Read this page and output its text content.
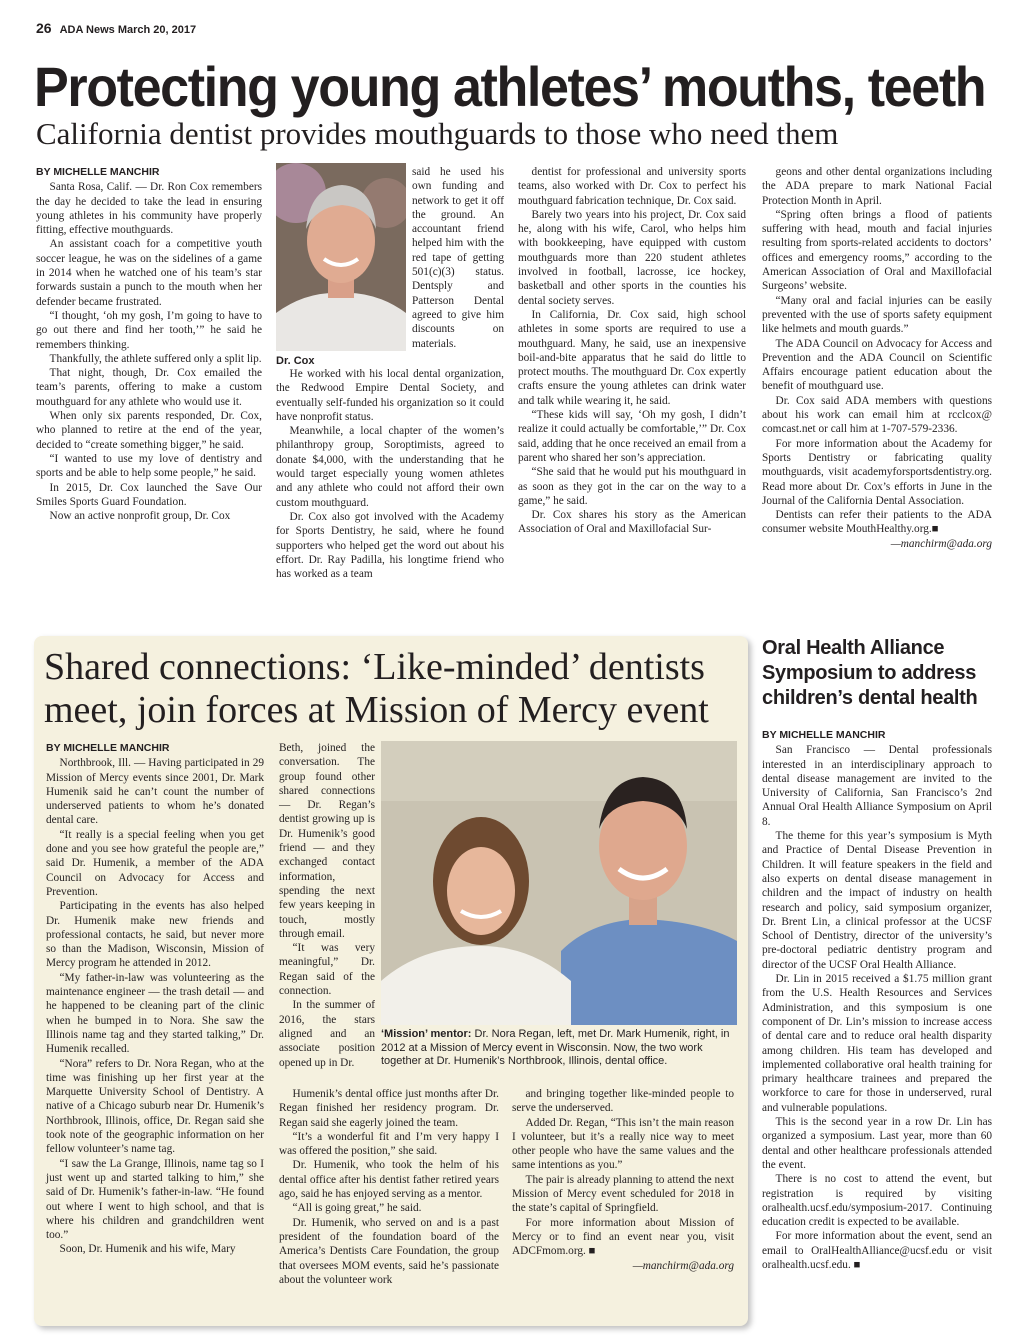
26 ADA News March 20, 2017
Protecting young athletes’ mouths, teeth
California dentist provides mouthguards to those who need them

BY MICHELLE MANCHIR

Santa Rosa, Calif. — Dr. Ron Cox remembers the day he decided to take the lead in ensuring young athletes in his community have properly fitting, effective mouthguards.

An assistant coach for a competitive youth soccer league, he was on the sidelines of a game in 2014 when he watched one of his team’s star forwards sustain a punch to the mouth when her defender became frustrated.

“I thought, ‘oh my gosh, I’m going to have to go out there and find her tooth,’” he said he remembers thinking.

Thankfully, the athlete suffered only a split lip.

That night, though, Dr. Cox emailed the team’s parents, offering to make a custom mouthguard for any athlete who would use it.

When only six parents responded, Dr. Cox, who planned to retire at the end of the year, decided to “create something bigger,” he said.

“I wanted to use my love of dentistry and sports and be able to help some people,” he said.

In 2015, Dr. Cox launched the Save Our Smiles Sports Guard Foundation.

Now an active nonprofit group, Dr. Cox

Dr. Cox

said he used his own funding and network to get it off the ground. An accountant friend helped him with the red tape of getting 501(c)(3) status. Dentsply and Patterson Dental agreed to give him discounts on materials.

He worked with his local dental organization, the Redwood Empire Dental Society, and eventually self-funded his organization so it could have nonprofit status.

Meanwhile, a local chapter of the women’s philanthropy group, Soroptimists, agreed to donate $4,000, with the understanding that he would target especially young women athletes and any athlete who could not afford their own custom mouthguard.

Dr. Cox also got involved with the Academy for Sports Dentistry, he said, where he found supporters who helped get the word out about his effort. Dr. Ray Padilla, his longtime friend who has worked as a team

dentist for professional and university sports teams, also worked with Dr. Cox to perfect his mouthguard fabrication technique, Dr. Cox said.

Barely two years into his project, Dr. Cox said he, along with his wife, Carol, who helps him with bookkeeping, have equipped with custom mouthguards more than 220 student athletes involved in football, lacrosse, ice hockey, basketball and other sports in the counties his dental society serves.

In California, Dr. Cox said, high school athletes in some sports are required to use a mouthguard. Many, he said, use an inexpensive boil-and-bite apparatus that he said do little to protect mouths. The mouthguard Dr. Cox expertly crafts ensure the young athletes can drink water and talk while wearing it, he said.

“These kids will say, ‘Oh my gosh, I didn’t realize it could actually be comfortable,’” Dr. Cox said, adding that he once received an email from a parent who shared her son’s appreciation.

“She said that he would put his mouthguard in as soon as they got in the car on the way to a game,” he said.

Dr. Cox shares his story as the American Association of Oral and Maxillofacial Sur-

geons and other dental organizations including the ADA prepare to mark National Facial Protection Month in April.

“Spring often brings a flood of patients suffering with head, mouth and facial injuries resulting from sports-related accidents to doctors’ offices and emergency rooms,” according to the American Association of Oral and Maxillofacial Surgeons’ website.

“Many oral and facial injuries can be easily prevented with the use of sports safety equipment like helmets and mouth guards.”

The ADA Council on Advocacy for Access and Prevention and the ADA Council on Scientific Affairs encourage patient education about the benefit of mouthguard use.

Dr. Cox said ADA members with questions about his work can email him at rcclcox@ comcast.net or call him at 1-707-579-2336.

For more information about the Academy for Sports Dentistry or fabricating quality mouthguards, visit academyforsportsdentistry.org. Read more about Dr. Cox’s efforts in June in the Journal of the California Dental Association.

Dentists can refer their patients to the ADA consumer website MouthHealthy.org.■

—manchirm@ada.org

Shared connections: ‘Like-minded’ dentists meet, join forces at Mission of Mercy event

BY MICHELLE MANCHIR

Northbrook, Ill. — Having participated in 29 Mission of Mercy events since 2001, Dr. Mark Humenik said he can’t count the number of underserved patients to whom he’s donated dental care.

“It really is a special feeling when you get done and you see how grateful the people are,” said Dr. Humenik, a member of the ADA Council on Advocacy for Access and Prevention.

Participating in the events has also helped Dr. Humenik make new friends and professional contacts, he said, but never more so than the Madison, Wisconsin, Mission of Mercy program he attended in 2012.

“My father-in-law was volunteering as the maintenance engineer — the trash detail — and he happened to be cleaning part of the clinic when he bumped in to Nora. She saw the Illinois name tag and they started talking,” Dr. Humenik recalled.

“Nora” refers to Dr. Nora Regan, who at the time was finishing up her first year at the Marquette University School of Dentistry. A native of a Chicago suburb near Dr. Humenik’s Northbrook, Illinois, office, Dr. Regan said she took note of the geographic information on her fellow volunteer’s name tag.

“I saw the La Grange, Illinois, name tag so I just went up and started talking to him,” she said of Dr. Humenik’s father-in-law. “He found out where I went to high school, and that is where his children and grandchildren went too.”

Soon, Dr. Humenik and his wife, Mary

Beth, joined the conversation. The group found other shared connections — Dr. Regan’s dentist growing up is Dr. Humenik’s good friend — and they exchanged contact information, spending the next few years keeping in touch, mostly through email.

“It was very meaningful,” Dr. Regan said of the connection.

In the summer of 2016, the stars aligned and an associate position opened up in Dr.

‘Mission’ mentor: Dr. Nora Regan, left, met Dr. Mark Humenik, right, in 2012 at a Mission of Mercy event in Wisconsin. Now, the two work together at Dr. Humenik’s Northbrook, Illinois, dental office.

Humenik’s dental office just months after Dr. Regan finished her residency program. Dr. Regan said she eagerly joined the team.

“It’s a wonderful fit and I’m very happy I was offered the position,” she said.

Dr. Humenik, who took the helm of his dental office after his dentist father retired years ago, said he has enjoyed serving as a mentor.

“All is going great,” he said.

Dr. Humenik, who served on and is a past president of the foundation board of the America’s Dentists Care Foundation, the group that oversees MOM events, said he’s passionate about the volunteer work

and bringing together like-minded people to serve the underserved.

Added Dr. Regan, “This isn’t the main reason I volunteer, but it’s a really nice way to meet other people who have the same values and the same intentions as you.”

The pair is already planning to attend the next Mission of Mercy event scheduled for 2018 in the state’s capital of Springfield.

For more information about Mission of Mercy or to find an event near you, visit ADCFmom.org. ■

—manchirm@ada.org

Oral Health Alliance Symposium to address children’s dental health

BY MICHELLE MANCHIR

San Francisco — Dental professionals interested in an interdisciplinary approach to dental disease management are invited to the University of California, San Francisco’s 2nd Annual Oral Health Alliance Symposium on April 8.

The theme for this year’s symposium is Myth and Practice of Dental Disease Prevention in Children. It will feature speakers in the field and also experts on dental disease management in children and the impact of industry on health research and policy, said symposium organizer, Dr. Brent Lin, a clinical professor at the UCSF School of Dentistry, director of the university’s pre-doctoral pediatric dentistry program and director of the UCSF Oral Health Alliance.

Dr. Lin in 2015 received a $1.75 million grant from the U.S. Health Resources and Services Administration, and this symposium is one component of Dr. Lin’s mission to increase access of dental care and to reduce oral health disparity among children. His team has developed and implemented collaborative oral health training for primary healthcare trainees and prepared the workforce to care for those in underserved, rural and vulnerable populations.

This is the second year in a row Dr. Lin has organized a symposium. Last year, more than 60 dental and other healthcare professionals attended the event.

There is no cost to attend the event, but registration is required by visiting oralhealth.ucsf.edu/symposium-2017. Continuing education credit is expected to be available.

For more information about the event, send an email to OralHealthAlliance@ucsf.edu or visit oralhealth.ucsf.edu. ■
